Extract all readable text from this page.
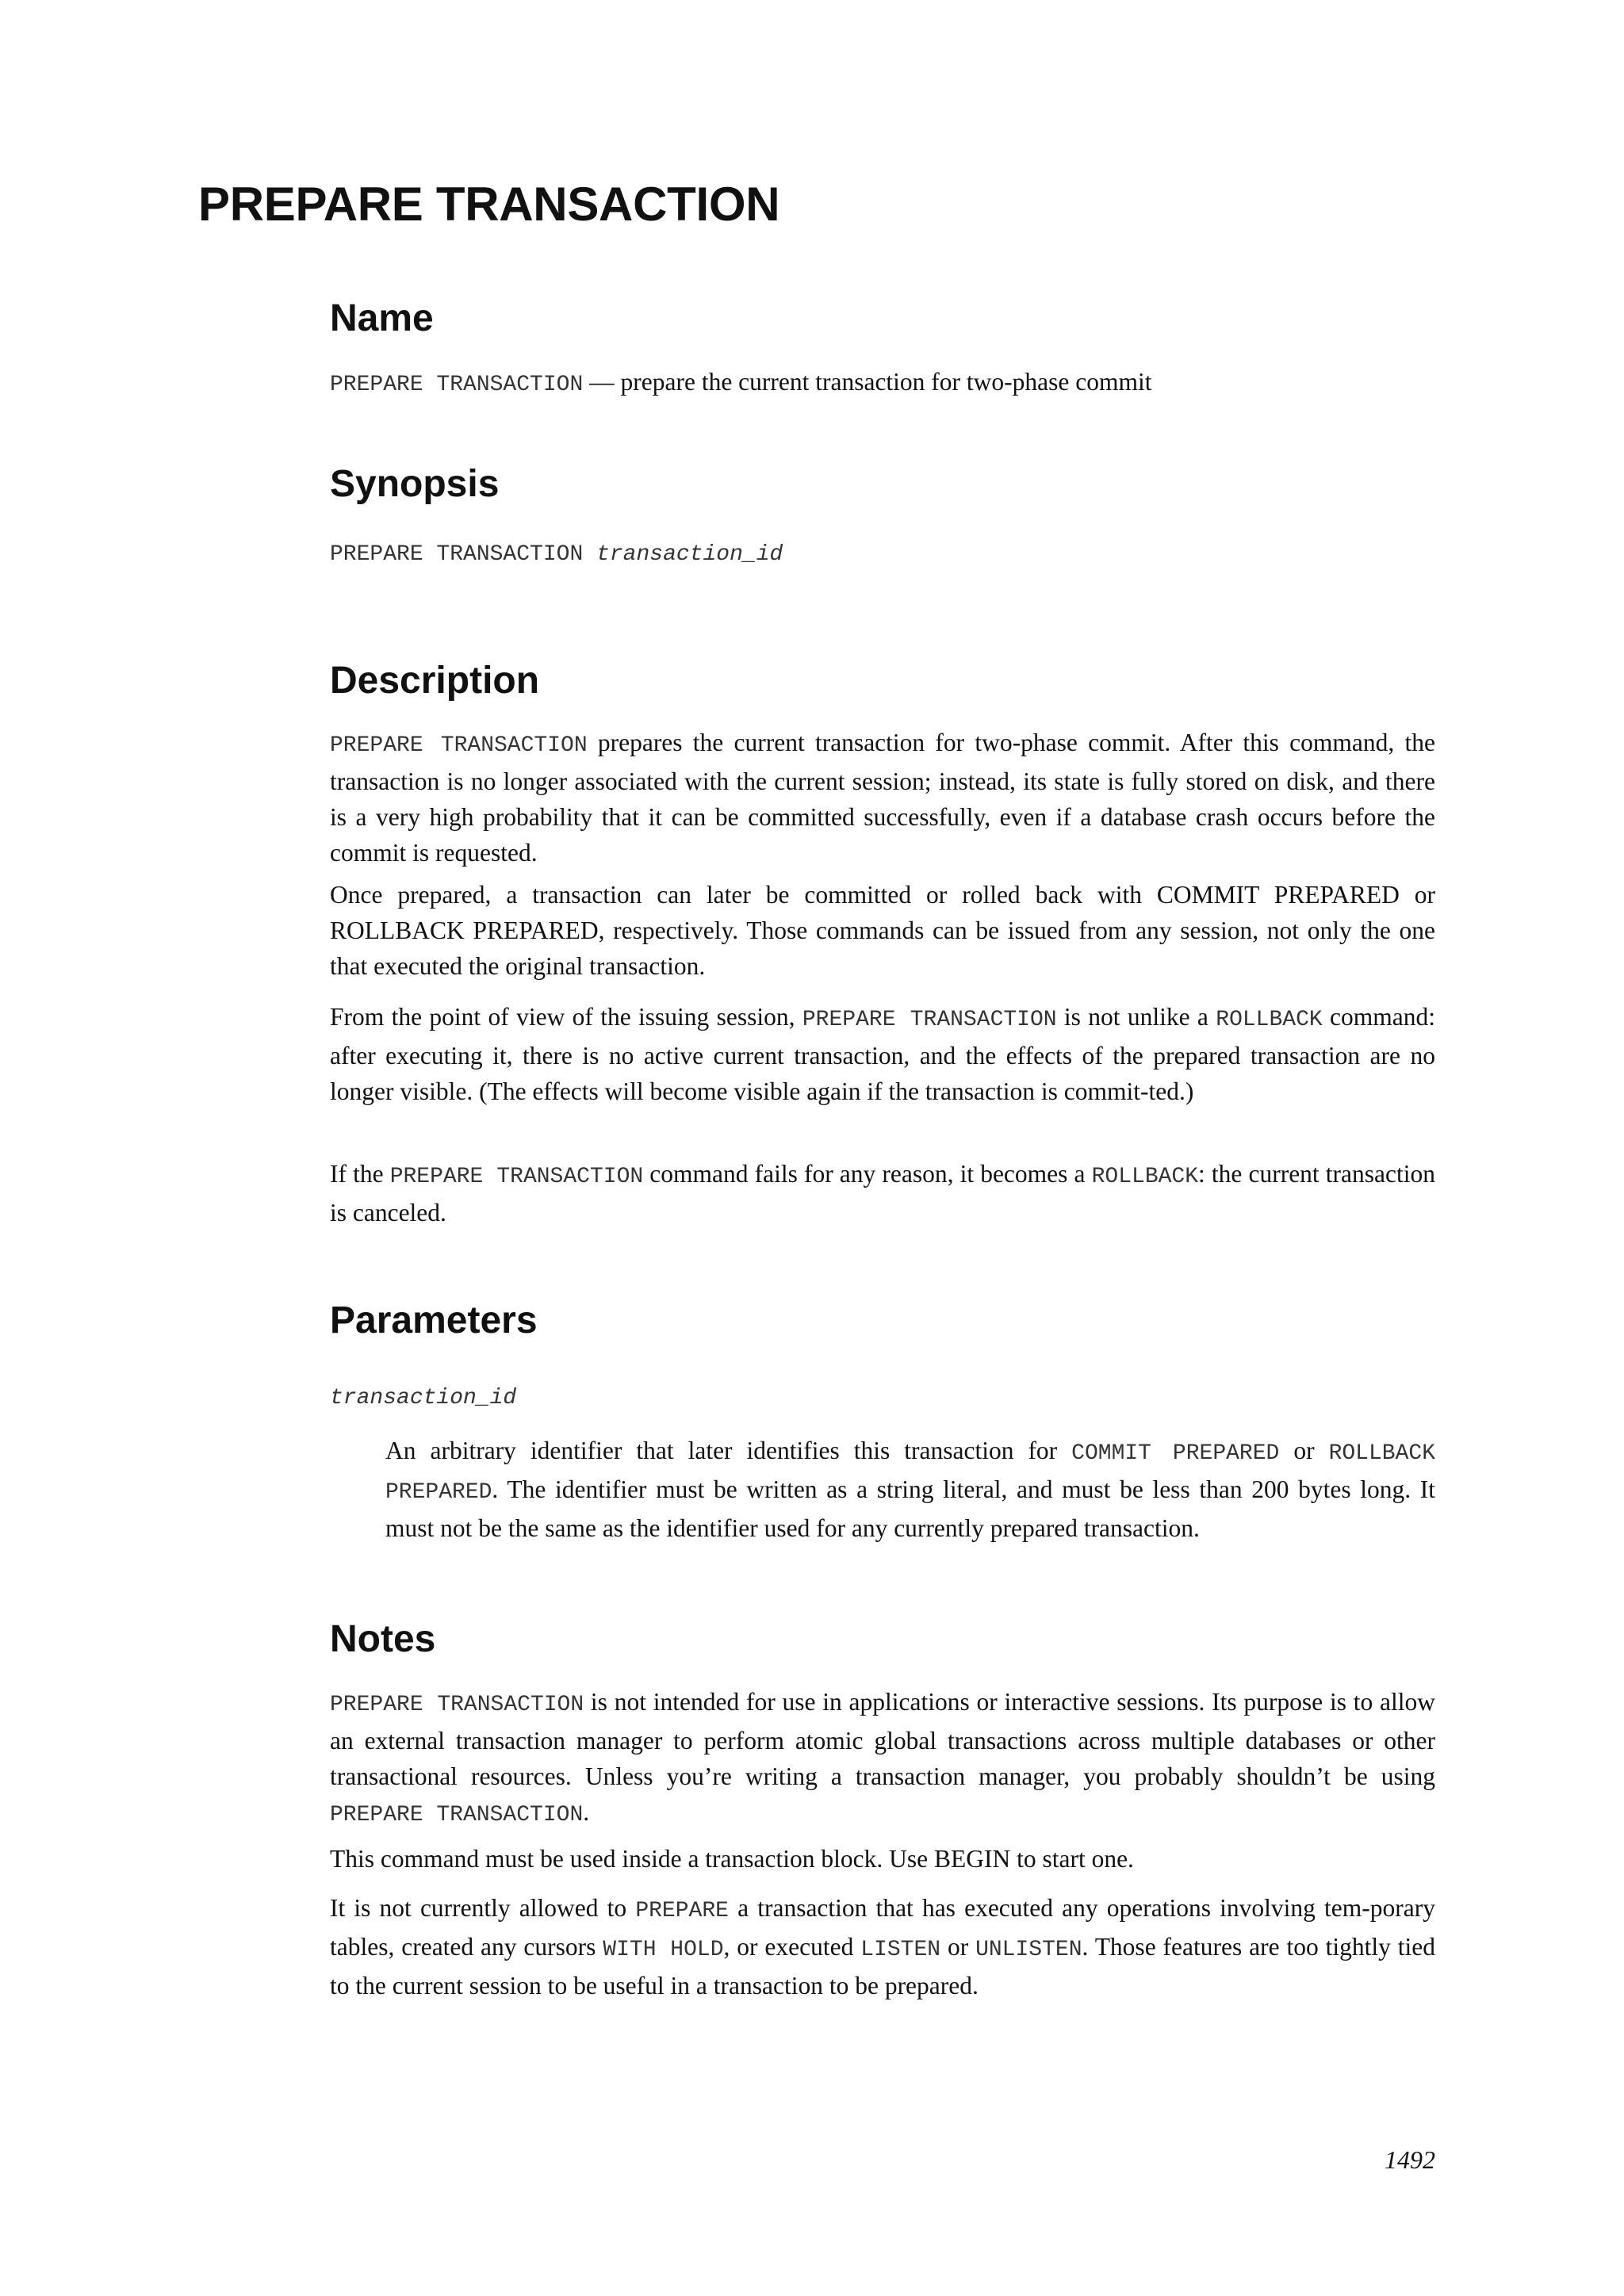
PREPARE TRANSACTION
Name
PREPARE TRANSACTION — prepare the current transaction for two-phase commit
Synopsis
PREPARE TRANSACTION transaction_id
Description

PREPARE TRANSACTION prepares the current transaction for two-phase commit. After this command, the transaction is no longer associated with the current session; instead, its state is fully stored on disk, and there is a very high probability that it can be committed successfully, even if a database crash occurs before the commit is requested.

Once prepared, a transaction can later be committed or rolled back with COMMIT PREPARED or ROLLBACK PREPARED, respectively. Those commands can be issued from any session, not only the one that executed the original transaction.

From the point of view of the issuing session, PREPARE TRANSACTION is not unlike a ROLLBACK command: after executing it, there is no active current transaction, and the effects of the prepared transaction are no longer visible. (The effects will become visible again if the transaction is commit-ted.)

If the PREPARE TRANSACTION command fails for any reason, it becomes a ROLLBACK: the current transaction is canceled.

Parameters
transaction_id

An arbitrary identifier that later identifies this transaction for COMMIT PREPARED or ROLLBACK PREPARED. The identifier must be written as a string literal, and must be less than 200 bytes long. It must not be the same as the identifier used for any currently prepared transaction.

Notes

PREPARE TRANSACTION is not intended for use in applications or interactive sessions. Its purpose is to allow an external transaction manager to perform atomic global transactions across multiple databases or other transactional resources. Unless you’re writing a transaction manager, you probably shouldn’t be using PREPARE TRANSACTION.

This command must be used inside a transaction block. Use BEGIN to start one.

It is not currently allowed to PREPARE a transaction that has executed any operations involving tem-porary tables, created any cursors WITH HOLD, or executed LISTEN or UNLISTEN. Those features are too tightly tied to the current session to be useful in a transaction to be prepared.

1492
